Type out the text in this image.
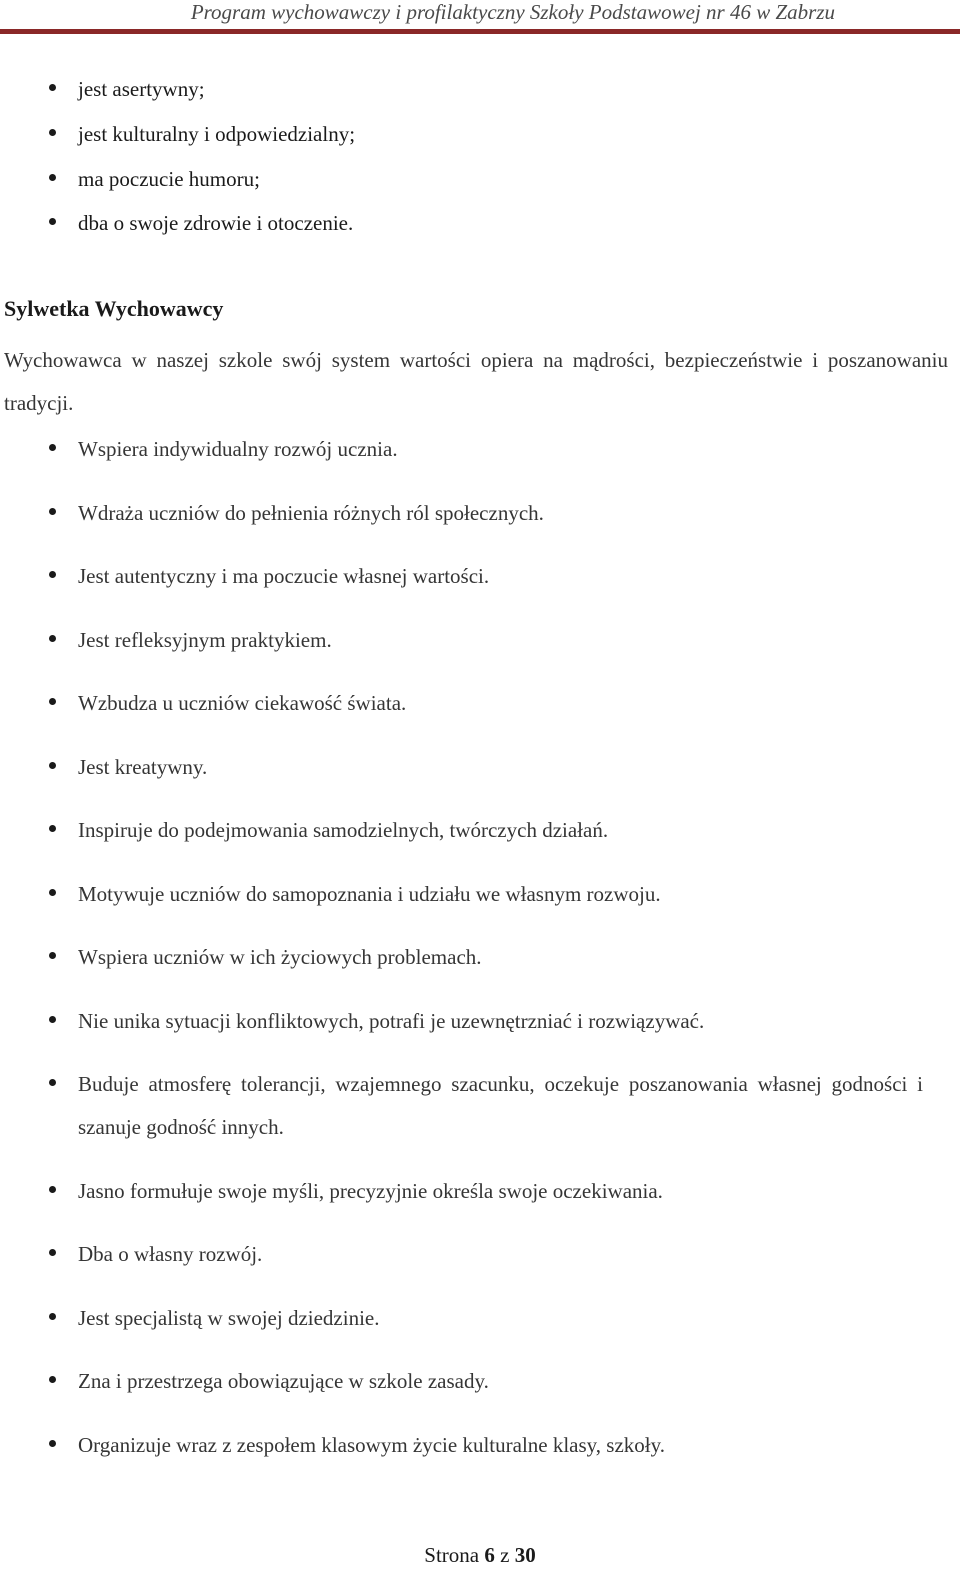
Program wychowawczy i profilaktyczny Szkoły Podstawowej nr 46 w Zabrzu
jest asertywny;
jest kulturalny i odpowiedzialny;
ma poczucie humoru;
dba o swoje zdrowie i otoczenie.
Sylwetka Wychowawcy
Wychowawca w naszej szkole swój system wartości opiera na mądrości, bezpieczeństwie i poszanowaniu tradycji.
Wspiera indywidualny rozwój ucznia.
Wdraża uczniów do pełnienia różnych ról społecznych.
Jest autentyczny i ma poczucie własnej wartości.
Jest refleksyjnym praktykiem.
Wzbudza u uczniów ciekawość świata.
Jest kreatywny.
Inspiruje do podejmowania samodzielnych, twórczych działań.
Motywuje uczniów do samopoznania i udziału we własnym rozwoju.
Wspiera uczniów w ich życiowych problemach.
Nie unika sytuacji konfliktowych, potrafi je uzewnętrzniać i rozwiązywać.
Buduje atmosferę tolerancji, wzajemnego szacunku, oczekuje poszanowania własnej godności i szanuje godność innych.
Jasno formułuje swoje myśli, precyzyjnie określa swoje oczekiwania.
Dba o własny rozwój.
Jest specjalistą w swojej dziedzinie.
Zna i przestrzega obowiązujące w szkole zasady.
Organizuje wraz z zespołem klasowym życie kulturalne klasy, szkoły.
Strona 6 z 30
